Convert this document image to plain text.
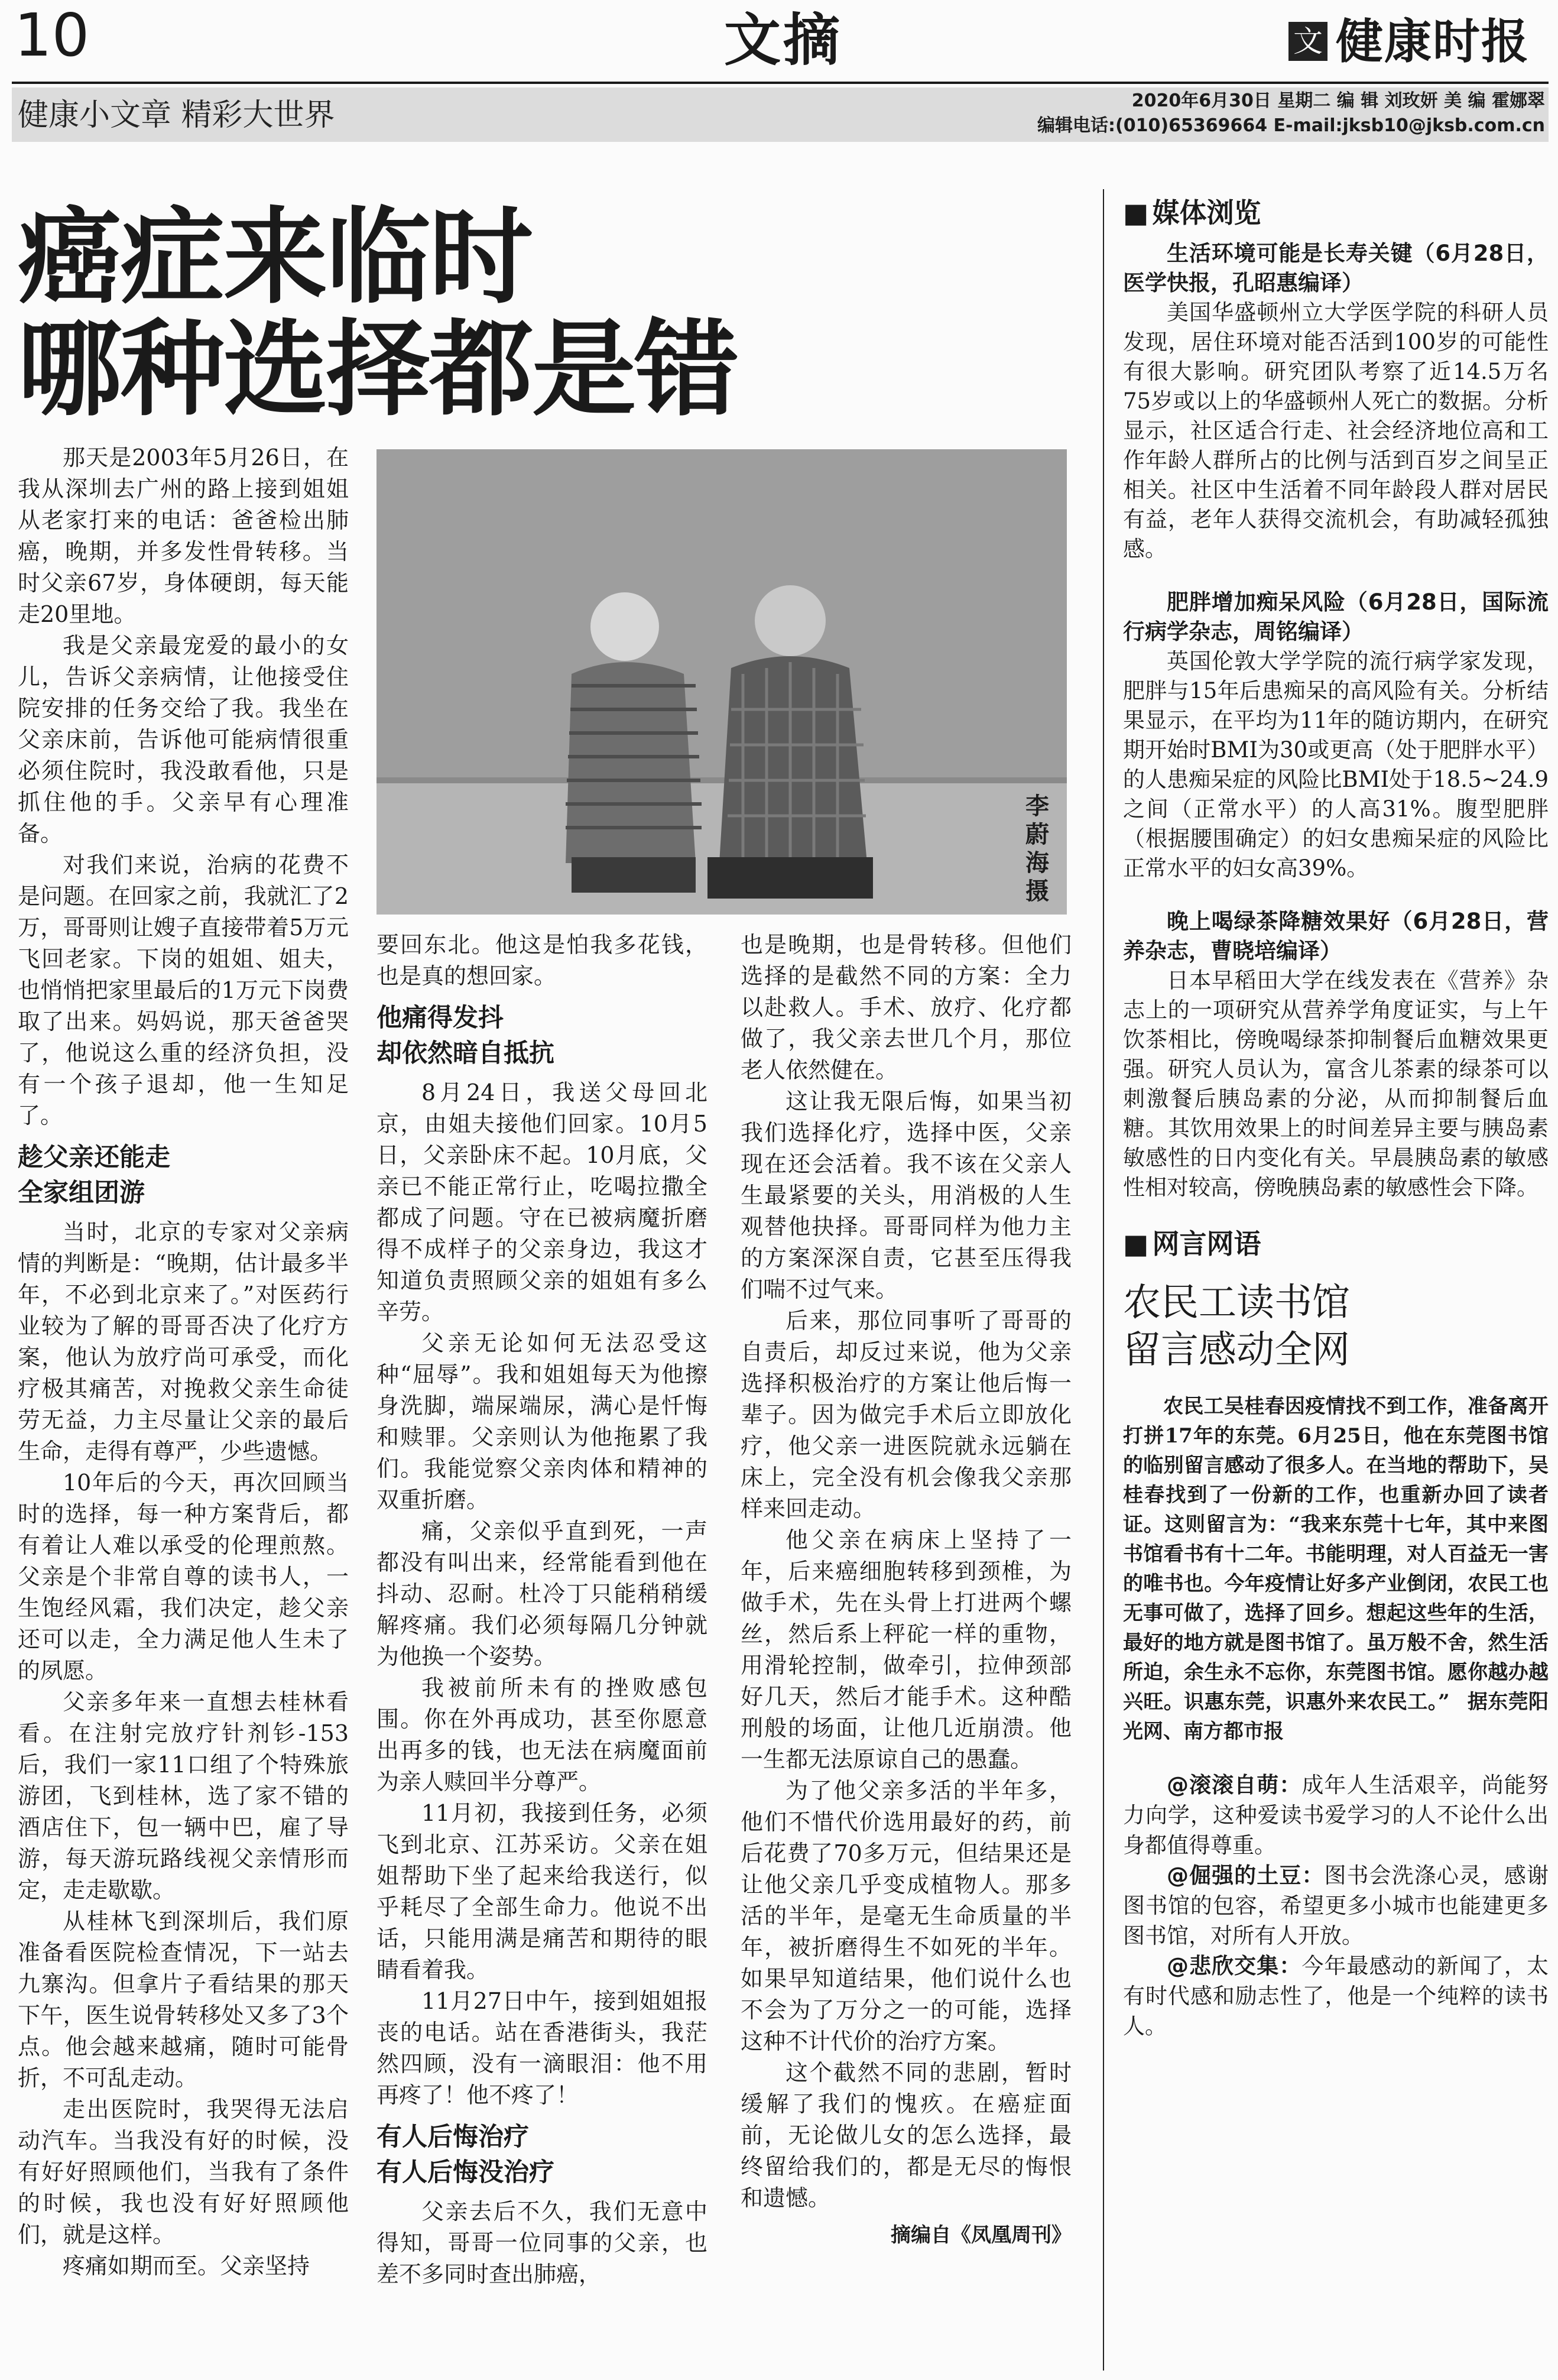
10	文摘	文 健康时报
健康小文章 精彩大世界	2020年6月30日 星期二 编 辑 刘玫妍 美 编 霍娜翠
编辑电话:(010)65369664 E-mail:jksb10@jksb.com.cn
癌症来临时
哪种选择都是错
李蔚海摄

那天是2003年5月26日，在我从深圳去广州的路上接到姐姐从老家打来的电话：爸爸检出肺癌，晚期，并多发性骨转移。当时父亲67岁，身体硬朗，每天能走20里地。

我是父亲最宠爱的最小的女儿，告诉父亲病情，让他接受住院安排的任务交给了我。我坐在父亲床前，告诉他可能病情很重必须住院时，我没敢看他，只是抓住他的手。父亲早有心理准备。

对我们来说，治病的花费不是问题。在回家之前，我就汇了2万，哥哥则让嫂子直接带着5万元飞回老家。下岗的姐姐、姐夫，也悄悄把家里最后的1万元下岗费取了出来。妈妈说，那天爸爸哭了，他说这么重的经济负担，没有一个孩子退却，他一生知足了。

趁父亲还能走
全家组团游

当时，北京的专家对父亲病情的判断是：“晚期，估计最多半年，不必到北京来了。”对医药行业较为了解的哥哥否决了化疗方案，他认为放疗尚可承受，而化疗极其痛苦，对挽救父亲生命徒劳无益，力主尽量让父亲的最后生命，走得有尊严，少些遗憾。

10年后的今天，再次回顾当时的选择，每一种方案背后，都有着让人难以承受的伦理煎熬。父亲是个非常自尊的读书人，一生饱经风霜，我们决定，趁父亲还可以走，全力满足他人生未了的夙愿。

父亲多年来一直想去桂林看看。在注射完放疗针剂钐-153后，我们一家11口组了个特殊旅游团，飞到桂林，选了家不错的酒店住下，包一辆中巴，雇了导游，每天游玩路线视父亲情形而定，走走歇歇。

从桂林飞到深圳后，我们原准备看医院检查情况，下一站去九寨沟。但拿片子看结果的那天下午，医生说骨转移处又多了3个点。他会越来越痛，随时可能骨折，不可乱走动。

走出医院时，我哭得无法启动汽车。当我没有好的时候，没有好好照顾他们，当我有了条件的时候，我也没有好好照顾他们，就是这样。

疼痛如期而至。父亲坚持

要回东北。他这是怕我多花钱，也是真的想回家。

他痛得发抖
却依然暗自抵抗

8月24日，我送父母回北京，由姐夫接他们回家。10月5日，父亲卧床不起。10月底，父亲已不能正常行止，吃喝拉撒全都成了问题。守在已被病魔折磨得不成样子的父亲身边，我这才知道负责照顾父亲的姐姐有多么辛劳。

父亲无论如何无法忍受这种“屈辱”。我和姐姐每天为他擦身洗脚，端屎端尿，满心是忏悔和赎罪。父亲则认为他拖累了我们。我能觉察父亲肉体和精神的双重折磨。

痛，父亲似乎直到死，一声都没有叫出来，经常能看到他在抖动、忍耐。杜冷丁只能稍稍缓解疼痛。我们必须每隔几分钟就为他换一个姿势。

我被前所未有的挫败感包围。你在外再成功，甚至你愿意出再多的钱，也无法在病魔面前为亲人赎回半分尊严。

11月初，我接到任务，必须飞到北京、江苏采访。父亲在姐姐帮助下坐了起来给我送行，似乎耗尽了全部生命力。他说不出话，只能用满是痛苦和期待的眼睛看着我。

11月27日中午，接到姐姐报丧的电话。站在香港街头，我茫然四顾，没有一滴眼泪：他不用再疼了！他不疼了！

有人后悔治疗
有人后悔没治疗

父亲去后不久，我们无意中得知，哥哥一位同事的父亲，也差不多同时查出肺癌，

也是晚期，也是骨转移。但他们选择的是截然不同的方案：全力以赴救人。手术、放疗、化疗都做了，我父亲去世几个月，那位老人依然健在。

这让我无限后悔，如果当初我们选择化疗，选择中医，父亲现在还会活着。我不该在父亲人生最紧要的关头，用消极的人生观替他抉择。哥哥同样为他力主的方案深深自责，它甚至压得我们喘不过气来。

后来，那位同事听了哥哥的自责后，却反过来说，他为父亲选择积极治疗的方案让他后悔一辈子。因为做完手术后立即放化疗，他父亲一进医院就永远躺在床上，完全没有机会像我父亲那样来回走动。

他父亲在病床上坚持了一年，后来癌细胞转移到颈椎，为做手术，先在头骨上打进两个螺丝，然后系上秤砣一样的重物，用滑轮控制，做牵引，拉伸颈部好几天，然后才能手术。这种酷刑般的场面，让他几近崩溃。他一生都无法原谅自己的愚蠢。

为了他父亲多活的半年多，他们不惜代价选用最好的药，前后花费了70多万元，但结果还是让他父亲几乎变成植物人。那多活的半年，是毫无生命质量的半年，被折磨得生不如死的半年。如果早知道结果，他们说什么也不会为了万分之一的可能，选择这种不计代价的治疗方案。

这个截然不同的悲剧，暂时缓解了我们的愧疚。在癌症面前，无论做儿女的怎么选择，最终留给我们的，都是无尽的悔恨和遗憾。

摘编自《凤凰周刊》
■ 媒体浏览

生活环境可能是长寿关键（6月28日，医学快报，孔昭惠编译）

美国华盛顿州立大学医学院的科研人员发现，居住环境对能否活到100岁的可能性有很大影响。研究团队考察了近14.5万名75岁或以上的华盛顿州人死亡的数据。分析显示，社区适合行走、社会经济地位高和工作年龄人群所占的比例与活到百岁之间呈正相关。社区中生活着不同年龄段人群对居民有益，老年人获得交流机会，有助减轻孤独感。

肥胖增加痴呆风险（6月28日，国际流行病学杂志，周铭编译）

英国伦敦大学学院的流行病学家发现，肥胖与15年后患痴呆的高风险有关。分析结果显示，在平均为11年的随访期内，在研究期开始时BMI为30或更高（处于肥胖水平）的人患痴呆症的风险比BMI处于18.5~24.9之间（正常水平）的人高31%。腹型肥胖（根据腰围确定）的妇女患痴呆症的风险比正常水平的妇女高39%。

晚上喝绿茶降糖效果好（6月28日，营养杂志，曹晓培编译）

日本早稻田大学在线发表在《营养》杂志上的一项研究从营养学角度证实，与上午饮茶相比，傍晚喝绿茶抑制餐后血糖效果更强。研究人员认为，富含儿茶素的绿茶可以刺激餐后胰岛素的分泌，从而抑制餐后血糖。其饮用效果上的时间差异主要与胰岛素敏感性的日内变化有关。早晨胰岛素的敏感性相对较高，傍晚胰岛素的敏感性会下降。

■ 网言网语
农民工读书馆
留言感动全网
农民工吴桂春因疫情找不到工作，准备离开打拼17年的东莞。6月25日，他在东莞图书馆的临别留言感动了很多人。在当地的帮助下，吴桂春找到了一份新的工作，也重新办回了读者证。这则留言为：“我来东莞十七年，其中来图书馆看书有十二年。书能明理，对人百益无一害的唯书也。今年疫情让好多产业倒闭，农民工也无事可做了，选择了回乡。想起这些年的生活，最好的地方就是图书馆了。虽万般不舍，然生活所迫，余生永不忘你，东莞图书馆。愿你越办越兴旺。识惠东莞，识惠外来农民工。” 据东莞阳光网、南方都市报

@滚滚自萌：成年人生活艰辛，尚能努力向学，这种爱读书爱学习的人不论什么出身都值得尊重。

@倔强的土豆：图书会洗涤心灵，感谢图书馆的包容，希望更多小城市也能建更多图书馆，对所有人开放。

@悲欣交集：今年最感动的新闻了，太有时代感和励志性了，他是一个纯粹的读书人。
